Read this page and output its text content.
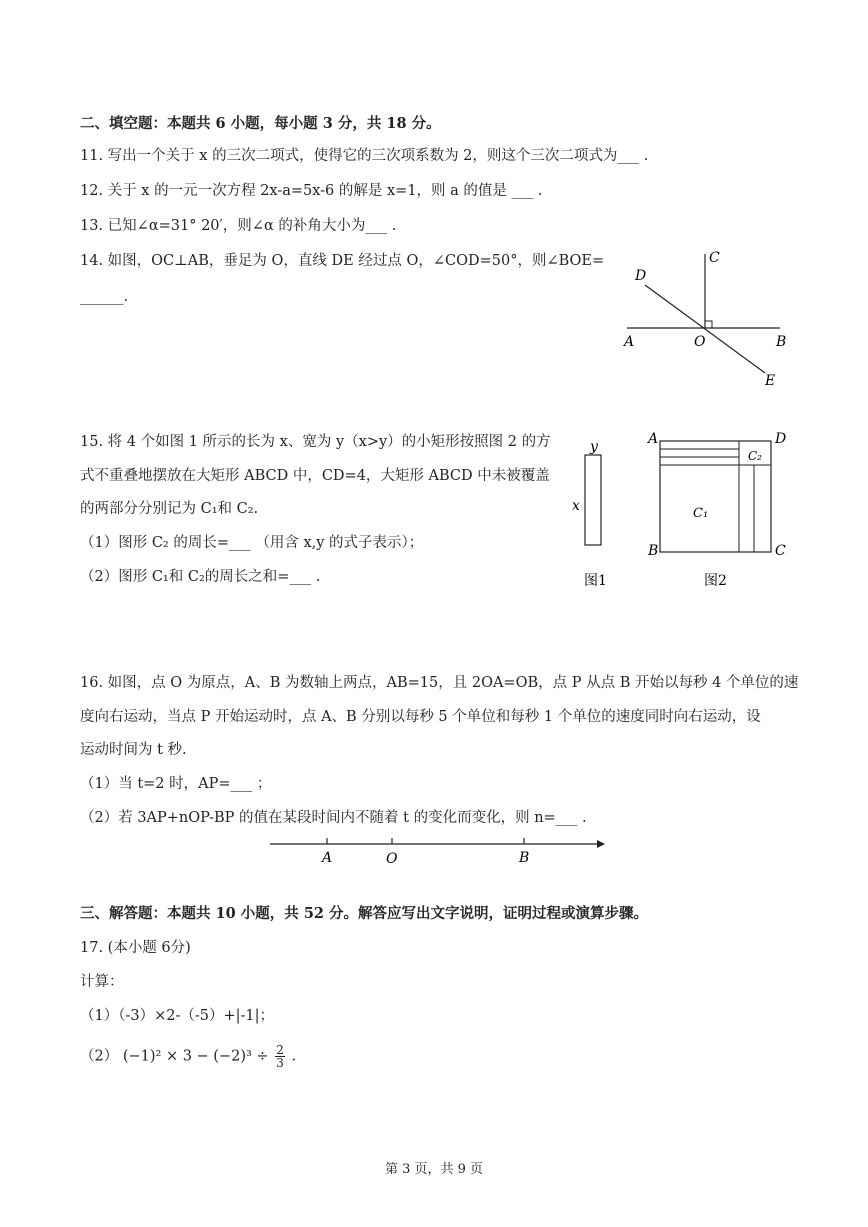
二、填空题：本题共 6 小题，每小题 3 分，共 18 分。
11. 写出一个关于 x 的三次二项式，使得它的三次项系数为 2，则这个三次二项式为___ .
12. 关于 x 的一元一次方程 2x-a=5x-6 的解是 x=1，则 a 的值是 ___ .
13. 已知∠α=31° 20′，则∠α 的补角大小为___ .
14. 如图，OC⊥AB，垂足为 O，直线 DE 经过点 O，∠COD=50°，则∠BOE=
______.
D
C
A	O	B
E
15. 将 4 个如图 1 所示的长为 x、宽为 y（x>y）的小矩形按照图 2 的方
式不重叠地摆放在大矩形 ABCD 中，CD=4，大矩形 ABCD 中未被覆盖
的两部分分别记为 C₁和 C₂.
（1）图形 C₂ 的周长=___ （用含 x,y 的式子表示）；
（2）图形 C₁和 C₂的周长之和=___ .
y
x
图1
A	D
B	C
C₁
C₂
图2
16. 如图，点 O 为原点，A、B 为数轴上两点，AB=15，且 2OA=OB，点 P 从点 B 开始以每秒 4 个单位的速
度向右运动，当点 P 开始运动时，点 A、B 分别以每秒 5 个单位和每秒 1 个单位的速度同时向右运动，设
运动时间为 t 秒.
（1）当 t=2 时，AP=___ ；
（2）若 3AP+nOP-BP 的值在某段时间内不随着 t 的变化而变化，则 n=___ .
A	O	B
三、解答题：本题共 10 小题，共 52 分。解答应写出文字说明，证明过程或演算步骤。
17. (本小题 6分)
计算：
（1）（-3）×2-（-5）+|-1|；
（2） $(-1)^2 \times 3 - (-2)^3 \div \frac{2}{3}$ .
第 3 页，共 9 页
